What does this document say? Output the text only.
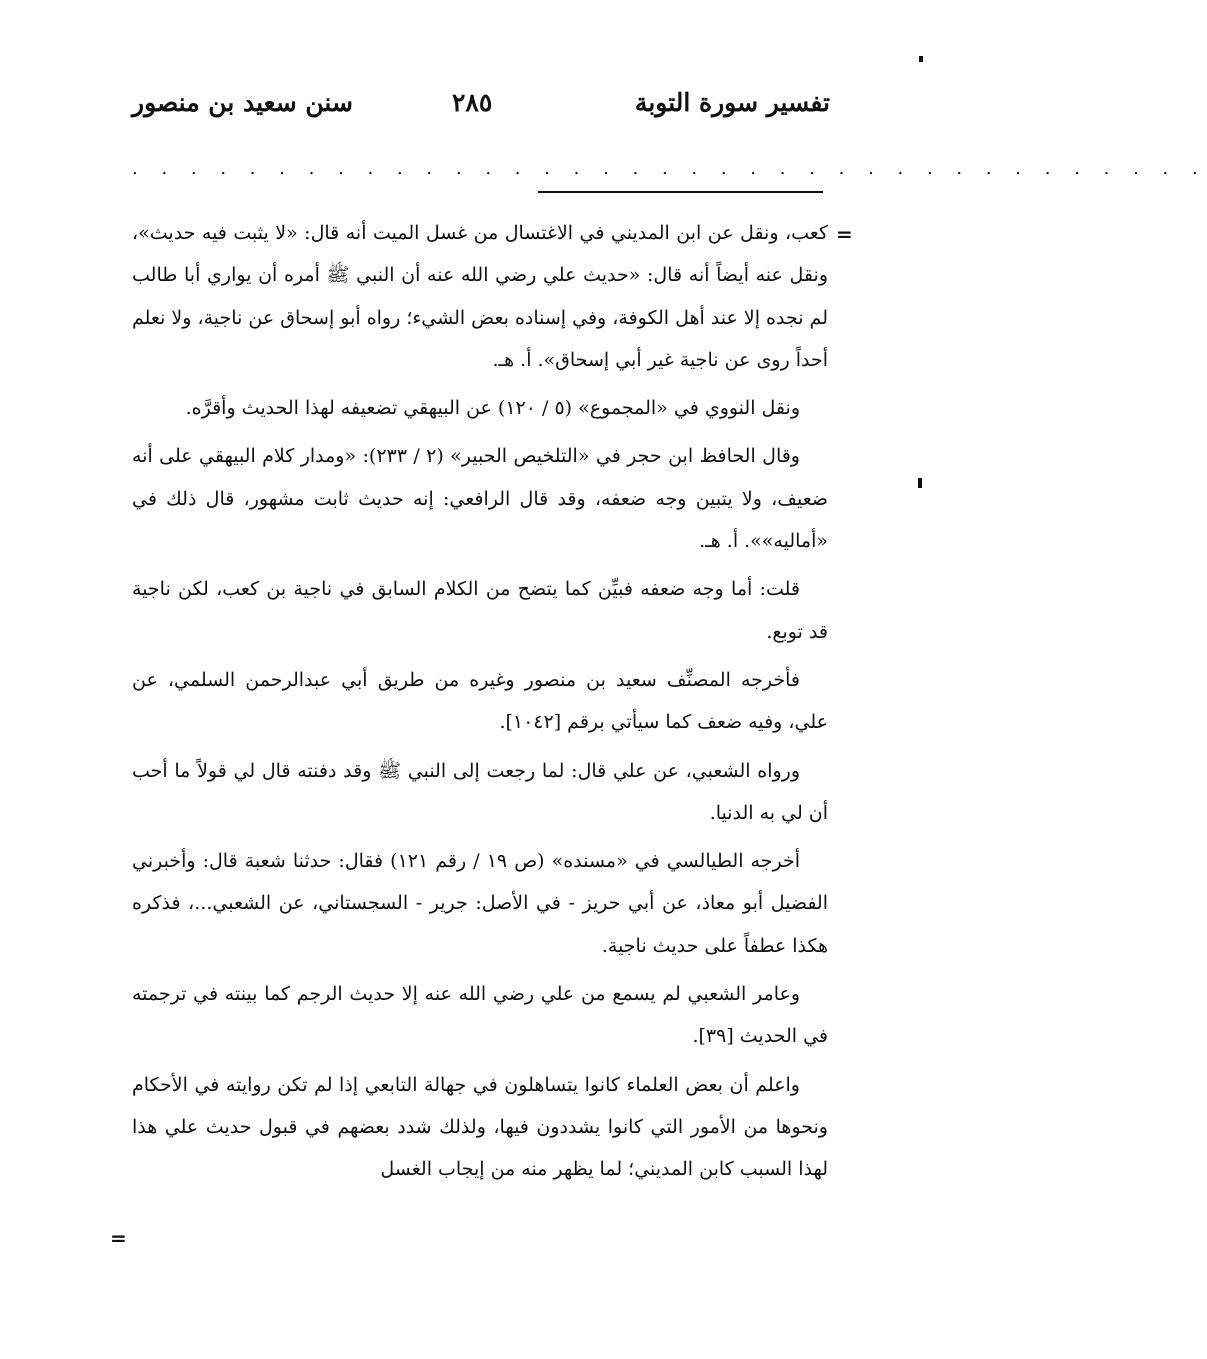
تفسير سورة التوبة
٢٨٥
سنن سعيد بن منصور
. . . . . . . . . . . . . . . . . . . . . . . . . . . . . . . . . . . . .
=

كعب، ونقل عن ابن المديني في الاغتسال من غسل الميت أنه قال: «لا يثبت فيه حديث»، ونقل عنه أيضاً أنه قال: «حديث علي رضي الله عنه أن النبي ﷺ أمره أن يواري أبا طالب لم نجده إلا عند أهل الكوفة، وفي إسناده بعض الشيء؛ رواه أبو إسحاق عن ناجية، ولا نعلم أحداً روى عن ناجية غير أبي إسحاق». أ. هـ.

ونقل النووي في «المجموع» (٥ / ١٢٠) عن البيهقي تضعيفه لهذا الحديث وأقرَّه.

وقال الحافظ ابن حجر في «التلخيص الحبير» (٢ / ٢٣٣): «ومدار كلام البيهقي على أنه ضعيف، ولا يتبين وجه ضعفه، وقد قال الرافعي: إنه حديث ثابت مشهور، قال ذلك في «أماليه»». أ. هـ.

قلت: أما وجه ضعفه فبيِّن كما يتضح من الكلام السابق في ناجية بن كعب، لكن ناجية قد توبع.

فأخرجه المصنِّف سعيد بن منصور وغيره من طريق أبي عبدالرحمن السلمي، عن علي، وفيه ضعف كما سيأتي برقم [١٠٤٢].

ورواه الشعبي، عن علي قال: لما رجعت إلى النبي ﷺ وقد دفنته قال لي قولاً ما أحب أن لي به الدنيا.

أخرجه الطيالسي في «مسنده» (ص ١٩ / رقم ١٢١) فقال: حدثنا شعبة قال: وأخبرني الفضيل أبو معاذ، عن أبي حريز - في الأصل: جرير - السجستاني، عن الشعبي...، فذكره هكذا عطفاً على حديث ناجية.

وعامر الشعبي لم يسمع من علي رضي الله عنه إلا حديث الرجم كما بينته في ترجمته في الحديث [٣٩].

واعلم أن بعض العلماء كانوا يتساهلون في جهالة التابعي إذا لم تكن روايته في الأحكام ونحوها من الأمور التي كانوا يشددون فيها، ولذلك شدد بعضهم في قبول حديث علي هذا لهذا السبب كابن المديني؛ لما يظهر منه من إيجاب الغسل

=
